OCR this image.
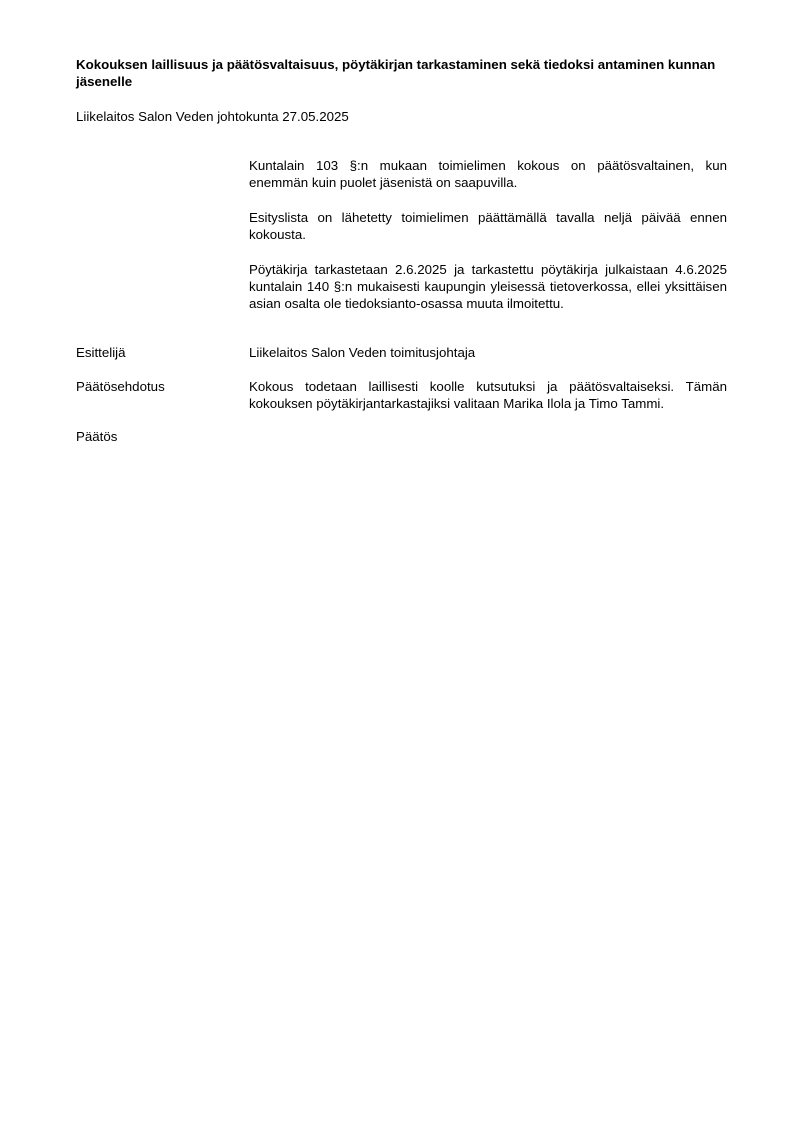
Kokouksen laillisuus ja päätösvaltaisuus, pöytäkirjan tarkastaminen sekä tiedoksi antaminen kunnan jäsenelle
Liikelaitos Salon Veden johtokunta 27.05.2025

Kuntalain 103 §:n mukaan toimielimen kokous on päätösvaltainen, kun enemmän kuin puolet jäsenistä on saapuvilla.

Esityslista on lähetetty toimielimen päättämällä tavalla neljä päivää ennen kokousta.

Pöytäkirja tarkastetaan 2.6.2025 ja tarkastettu pöytäkirja julkaistaan 4.6.2025 kuntalain 140 §:n mukaisesti kaupungin yleisessä tietoverkossa, ellei yksittäisen asian osalta ole tiedoksianto-osassa muuta ilmoitettu.

Esittelijä	Liikelaitos Salon Veden toimitusjohtaja
Päätösehdotus	Kokous todetaan laillisesti koolle kutsutuksi ja päätösvaltaiseksi. Tämän kokouksen pöytäkirjantarkastajiksi valitaan Marika Ilola ja Timo Tammi.
Päätös
